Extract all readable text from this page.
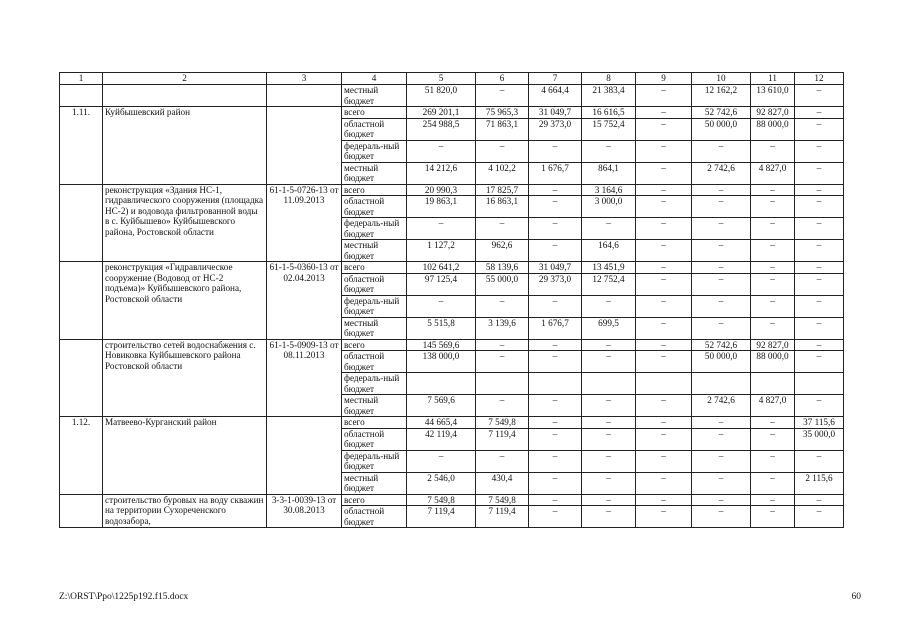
1	2	3	4	5	6	7	8	9	10	11	12
			местный бюджет	51 820,0	–	4 664,4	21 383,4	–	12 162,2	13 610,0	–
1.11.	Куйбышевский район		всего	269 201,1	75 965,3	31 049,7	16 616,5	–	52 742,6	92 827,0	–
			областной бюджет	254 988,5	71 863,1	29 373,0	15 752,4	–	50 000,0	88 000,0	–
			федераль-ный бюджет	–	–	–	–	–	–	–	–
			местный бюджет	14 212,6	4 102,2	1 676,7	864,1	–	2 742,6	4 827,0	–
	реконструкция «Здания НС-1, гидравлического сооружения (площадка НС-2) и водовода фильтрованной воды в с. Куйбышево» Куйбышевского района, Ростовской области	61-1-5-0726-13 от 11.09.2013	всего	20 990,3	17 825,7	–	3 164,6	–	–	–	–
			областной бюджет	19 863,1	16 863,1	–	3 000,0	–	–	–	–
			федераль-ный бюджет	–	–	–	–	–	–	–	–
			местный бюджет	1 127,2	962,6	–	164,6	–	–	–	–
	реконструкция «Гидравлическое сооружение (Водовод от НС-2 подъема)» Куйбышевского района, Ростовской области	61-1-5-0360-13 от 02.04.2013	всего	102 641,2	58 139,6	31 049,7	13 451,9	–	–	–	–
			областной бюджет	97 125,4	55 000,0	29 373,0	12 752,4	–	–	–	–
			федераль-ный бюджет	–	–	–	–	–	–	–	–
			местный бюджет	5 515,8	3 139,6	1 676,7	699,5	–	–	–	–
	строительство сетей водоснабжения с. Новиковка Куйбышевского района Ростовской области	61-1-5-0909-13 от 08.11.2013	всего	145 569,6	–	–	–	–	52 742,6	92 827,0	–
			областной бюджет	138 000,0	–	–	–	–	50 000,0	88 000,0	–
			федераль-ный бюджет								
			местный бюджет	7 569,6	–	–	–	–	2 742,6	4 827,0	–
1.12.	Матвеево-Курганский район		всего	44 665,4	7 549,8	–	–	–	–	–	37 115,6
			областной бюджет	42 119,4	7 119,4	–	–	–	–	–	35 000,0
			федераль-ный бюджет	–	–	–	–	–	–	–	–
			местный бюджет	2 546,0	430,4	–	–	–	–	–	2 115,6
	строительство буровых на воду скважин на территории Сухореченского водозабора,	3-3-1-0039-13 от 30.08.2013	всего	7 549,8	7 549,8	–	–	–	–	–	–
			областной бюджет	7 119,4	7 119,4	–	–	–	–	–	–
Z:\ORST\Ppo\1225p192.f15.docx	60
